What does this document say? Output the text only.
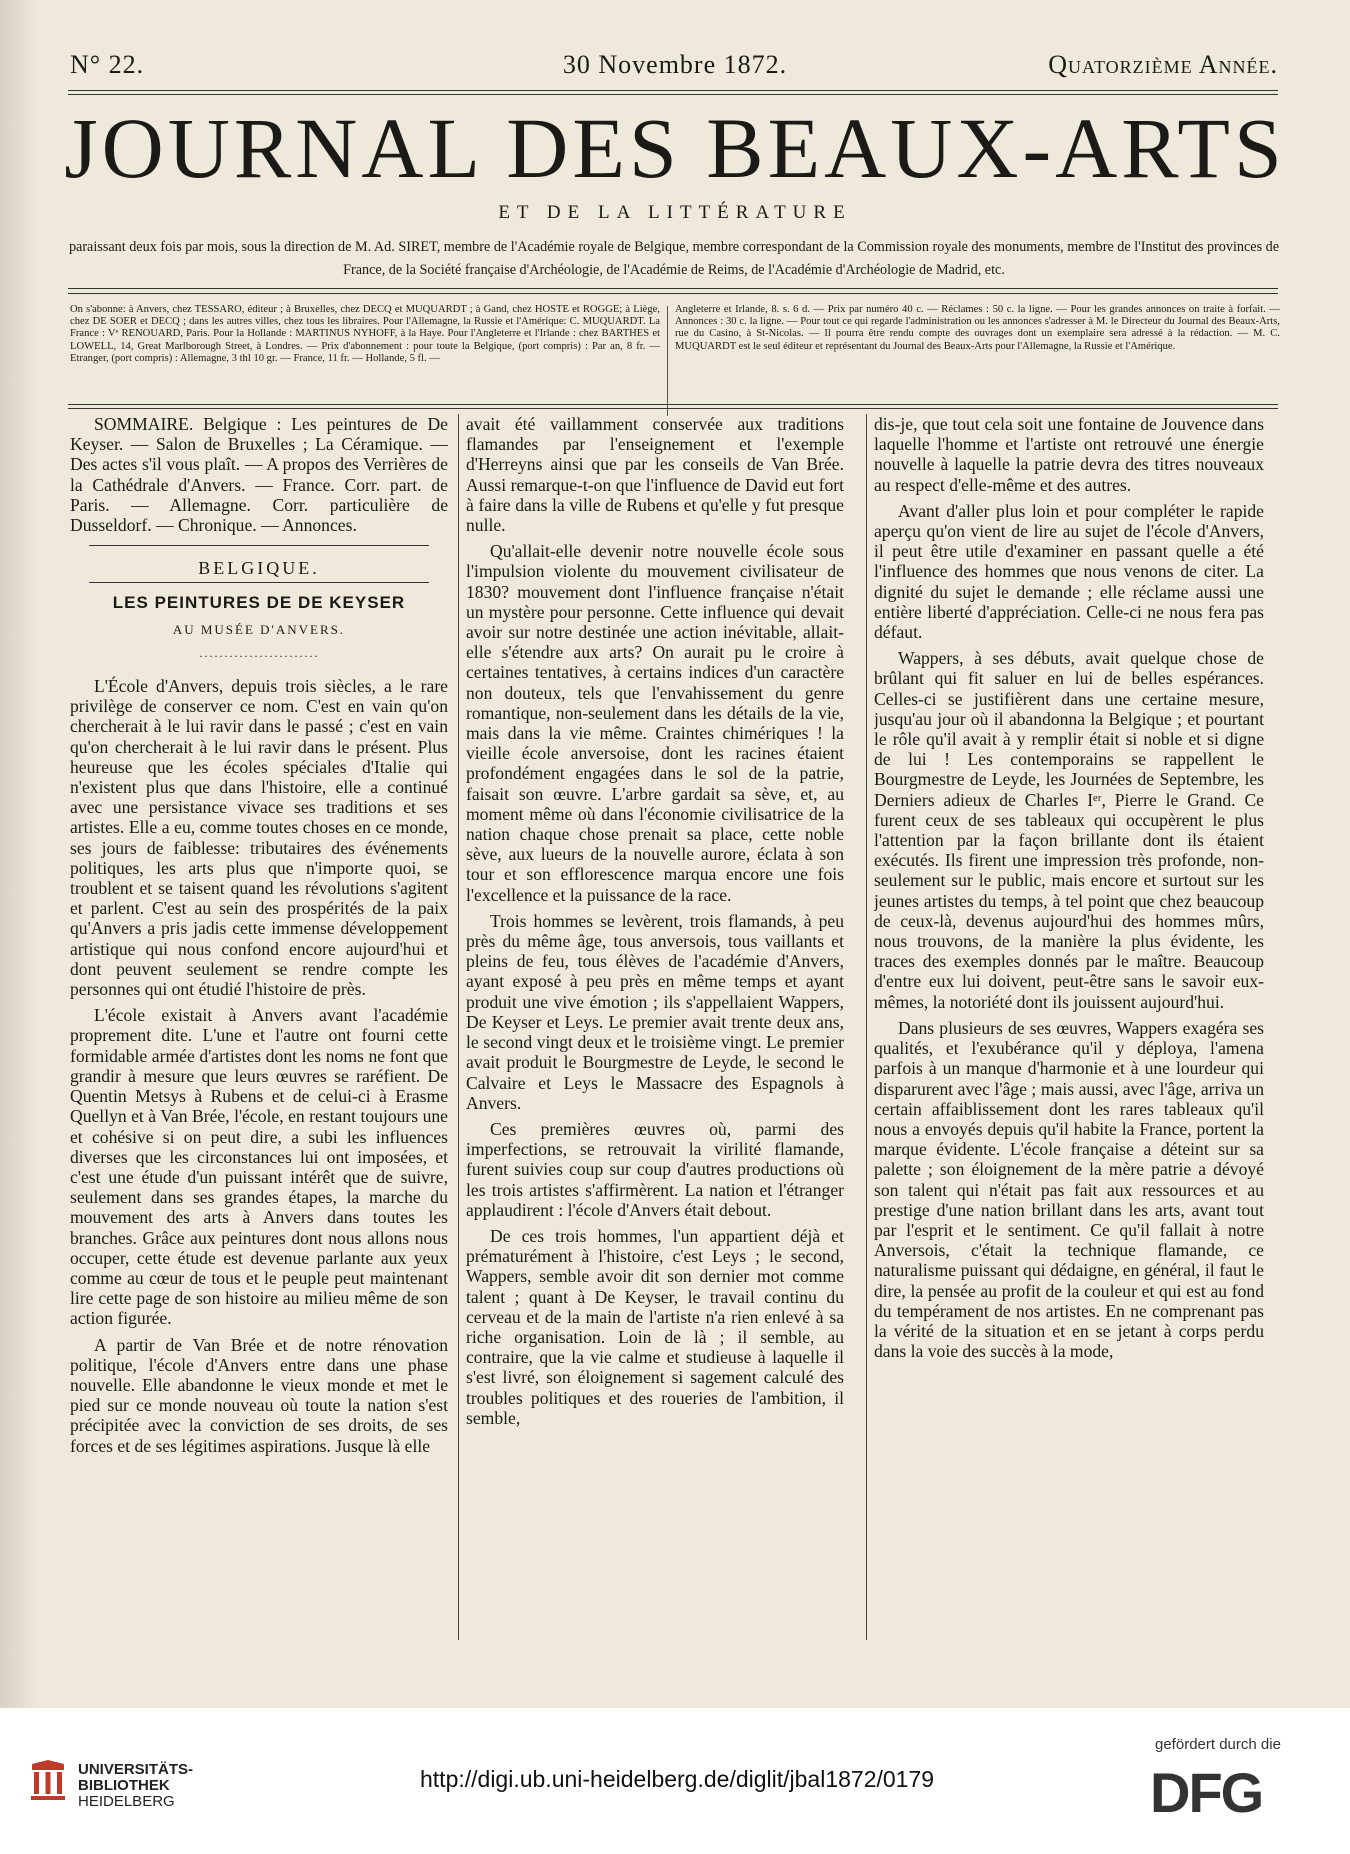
N° 22.	30 Novembre 1872.	Quatorzième Année.
JOURNAL DES BEAUX-ARTS
ET DE LA LITTÉRATURE
paraissant deux fois par mois, sous la direction de M. Ad. SIRET, membre de l'Académie royale de Belgique, membre correspondant de la Commission royale des monuments, membre de l'Institut des provinces de France, de la Société française d'Archéologie, de l'Académie de Reims, de l'Académie d'Archéologie de Madrid, etc.
On s'abonne: à Anvers, chez TESSARO, éditeur ; à Bruxelles, chez DECQ et MUQUARDT ; à Gand, chez HOSTE et ROGGE; à Liège, chez DE SOER et DECQ ; dans les autres villes, chez tous les libraires. Pour l'Allemagne, la Russie et l'Amérique: C. MUQUARDT. La France : Vᵉ RENOUARD, Paris. Pour la Hollande : MARTINUS NYHOFF, à la Haye. Pour l'Angleterre et l'Irlande : chez BARTHES et LOWELL, 14, Great Marlborough Street, à Londres. — Prix d'abonnement : pour toute la Belgique, (port compris) : Par an, 8 fr. — Etranger, (port compris) : Allemagne, 3 thl 10 gr. — France, 11 fr. — Hollande, 5 fl. —
Angleterre et Irlande, 8. s. 6 d. — Prix par numéro 40 c. — Réclames : 50 c. la ligne. — Pour les grandes annonces on traite à forfait. — Annonces : 30 c. la ligne. — Pour tout ce qui regarde l'administration ou les annonces s'adresser à M. le Directeur du Journal des Beaux-Arts, rue du Casino, à St-Nicolas. — Il pourra être rendu compte des ouvrages dont un exemplaire sera adressé à la rédaction. — M. C. MUQUARDT est le seul éditeur et représentant du Journal des Beaux-Arts pour l'Allemagne, la Russie et l'Amérique.

SOMMAIRE. Belgique : Les peintures de De Keyser. — Salon de Bruxelles ; La Céramique. — Des actes s'il vous plaît. — A propos des Verrières de la Cathédrale d'Anvers. — France. Corr. part. de Paris. — Allemagne. Corr. particulière de Dusseldorf. — Chronique. — Annonces.

BELGIQUE.
LES PEINTURES DE DE KEYSER
AU MUSÉE D'ANVERS.
························

L'École d'Anvers, depuis trois siècles, a le rare privilège de conserver ce nom. C'est en vain qu'on chercherait à le lui ravir dans le passé ; c'est en vain qu'on chercherait à le lui ravir dans le présent. Plus heureuse que les écoles spéciales d'Italie qui n'existent plus que dans l'histoire, elle a continué avec une persistance vivace ses traditions et ses artistes. Elle a eu, comme toutes choses en ce monde, ses jours de faiblesse: tributaires des événements politiques, les arts plus que n'importe quoi, se troublent et se taisent quand les révolutions s'agitent et parlent. C'est au sein des prospérités de la paix qu'Anvers a pris jadis cette immense développement artistique qui nous confond encore aujourd'hui et dont peuvent seulement se rendre compte les personnes qui ont étudié l'histoire de près.

L'école existait à Anvers avant l'académie proprement dite. L'une et l'autre ont fourni cette formidable armée d'artistes dont les noms ne font que grandir à mesure que leurs œuvres se raréfient. De Quentin Metsys à Rubens et de celui-ci à Erasme Quellyn et à Van Brée, l'école, en restant toujours une et cohésive si on peut dire, a subi les influences diverses que les circonstances lui ont imposées, et c'est une étude d'un puissant intérêt que de suivre, seulement dans ses grandes étapes, la marche du mouvement des arts à Anvers dans toutes les branches. Grâce aux peintures dont nous allons nous occuper, cette étude est devenue parlante aux yeux comme au cœur de tous et le peuple peut maintenant lire cette page de son histoire au milieu même de son action figurée.

A partir de Van Brée et de notre rénovation politique, l'école d'Anvers entre dans une phase nouvelle. Elle abandonne le vieux monde et met le pied sur ce monde nouveau où toute la nation s'est précipitée avec la conviction de ses droits, de ses forces et de ses légitimes aspirations. Jusque là elle

avait été vaillamment conservée aux traditions flamandes par l'enseignement et l'exemple d'Herreyns ainsi que par les conseils de Van Brée. Aussi remarque-t-on que l'influence de David eut fort à faire dans la ville de Rubens et qu'elle y fut presque nulle.

Qu'allait-elle devenir notre nouvelle école sous l'impulsion violente du mouvement civilisateur de 1830? mouvement dont l'influence française n'était un mystère pour personne. Cette influence qui devait avoir sur notre destinée une action inévitable, allait-elle s'étendre aux arts? On aurait pu le croire à certaines tentatives, à certains indices d'un caractère non douteux, tels que l'envahissement du genre romantique, non-seulement dans les détails de la vie, mais dans la vie même. Craintes chimériques ! la vieille école anversoise, dont les racines étaient profondément engagées dans le sol de la patrie, faisait son œuvre. L'arbre gardait sa sève, et, au moment même où dans l'économie civilisatrice de la nation chaque chose prenait sa place, cette noble sève, aux lueurs de la nouvelle aurore, éclata à son tour et son efflorescence marqua encore une fois l'excellence et la puissance de la race.

Trois hommes se levèrent, trois flamands, à peu près du même âge, tous anversois, tous vaillants et pleins de feu, tous élèves de l'académie d'Anvers, ayant exposé à peu près en même temps et ayant produit une vive émotion ; ils s'appellaient Wappers, De Keyser et Leys. Le premier avait trente deux ans, le second vingt deux et le troisième vingt. Le premier avait produit le Bourgmestre de Leyde, le second le Calvaire et Leys le Massacre des Espagnols à Anvers.

Ces premières œuvres où, parmi des imperfections, se retrouvait la virilité flamande, furent suivies coup sur coup d'autres productions où les trois artistes s'affirmèrent. La nation et l'étranger applaudirent : l'école d'Anvers était debout.

De ces trois hommes, l'un appartient déjà et prématurément à l'histoire, c'est Leys ; le second, Wappers, semble avoir dit son dernier mot comme talent ; quant à De Keyser, le travail continu du cerveau et de la main de l'artiste n'a rien enlevé à sa riche organisation. Loin de là ; il semble, au contraire, que la vie calme et studieuse à laquelle il s'est livré, son éloignement si sagement calculé des troubles politiques et des roueries de l'ambition, il semble,

dis-je, que tout cela soit une fontaine de Jouvence dans laquelle l'homme et l'artiste ont retrouvé une énergie nouvelle à laquelle la patrie devra des titres nouveaux au respect d'elle-même et des autres.

Avant d'aller plus loin et pour compléter le rapide aperçu qu'on vient de lire au sujet de l'école d'Anvers, il peut être utile d'examiner en passant quelle a été l'influence des hommes que nous venons de citer. La dignité du sujet le demande ; elle réclame aussi une entière liberté d'appréciation. Celle-ci ne nous fera pas défaut.

Wappers, à ses débuts, avait quelque chose de brûlant qui fit saluer en lui de belles espérances. Celles-ci se justifièrent dans une certaine mesure, jusqu'au jour où il abandonna la Belgique ; et pourtant le rôle qu'il avait à y remplir était si noble et si digne de lui ! Les contemporains se rappellent le Bourgmestre de Leyde, les Journées de Septembre, les Derniers adieux de Charles Iᵉʳ, Pierre le Grand. Ce furent ceux de ses tableaux qui occupèrent le plus l'attention par la façon brillante dont ils étaient exécutés. Ils firent une impression très profonde, non-seulement sur le public, mais encore et surtout sur les jeunes artistes du temps, à tel point que chez beaucoup de ceux-là, devenus aujourd'hui des hommes mûrs, nous trouvons, de la manière la plus évidente, les traces des exemples donnés par le maître. Beaucoup d'entre eux lui doivent, peut-être sans le savoir eux-mêmes, la notoriété dont ils jouissent aujourd'hui.

Dans plusieurs de ses œuvres, Wappers exagéra ses qualités, et l'exubérance qu'il y déploya, l'amena parfois à un manque d'harmonie et à une lourdeur qui disparurent avec l'âge ; mais aussi, avec l'âge, arriva un certain affaiblissement dont les rares tableaux qu'il nous a envoyés depuis qu'il habite la France, portent la marque évidente. L'école française a déteint sur sa palette ; son éloignement de la mère patrie a dévoyé son talent qui n'était pas fait aux ressources et au prestige d'une nation brillant dans les arts, avant tout par l'esprit et le sentiment. Ce qu'il fallait à notre Anversois, c'était la technique flamande, ce naturalisme puissant qui dédaigne, en général, il faut le dire, la pensée au profit de la couleur et qui est au fond du tempérament de nos artistes. En ne comprenant pas la vérité de la situation et en se jetant à corps perdu dans la voie des succès à la mode,

UNIVERSITÄTS-
BIBLIOTHEK
HEIDELBERG
http://digi.ub.uni-heidelberg.de/diglit/jbal1872/0179
gefördert durch die
DFG
